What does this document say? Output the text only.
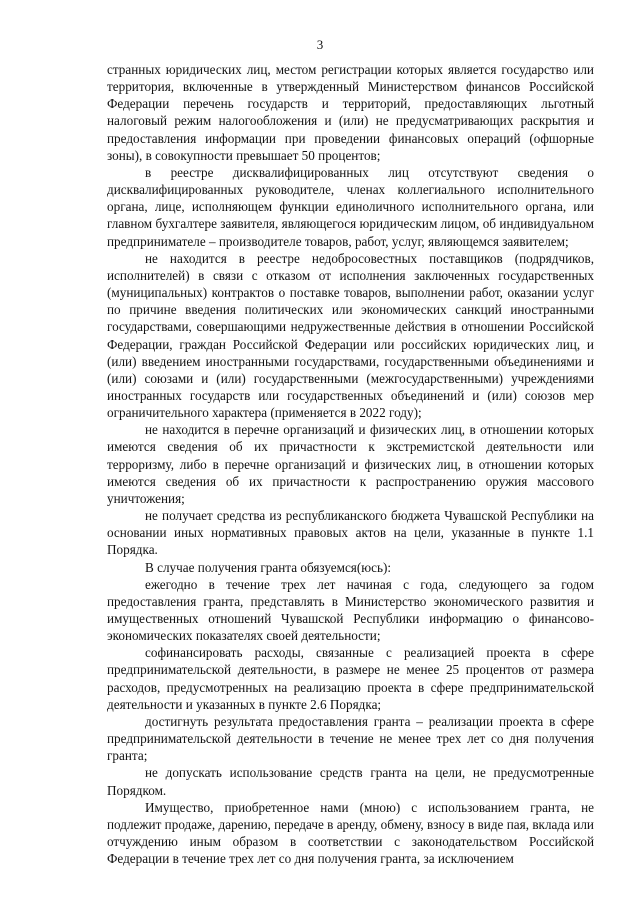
3

странных юридических лиц, местом регистрации которых является государство или территория, включенные в утвержденный Министерством финансов Российской Федерации перечень государств и территорий, предоставляющих льготный налоговый режим налогообложения и (или) не предусматривающих раскрытия и предоставления информации при проведении финансовых операций (офшорные зоны), в совокупности превышает 50 процентов;

в реестре дисквалифицированных лиц отсутствуют сведения о дисквалифицированных руководителе, членах коллегиального исполнительного органа, лице, исполняющем функции единоличного исполнительного органа, или главном бухгалтере заявителя, являющегося юридическим лицом, об индивидуальном предпринимателе – производителе товаров, работ, услуг, являющемся заявителем;

не находится в реестре недобросовестных поставщиков (подрядчиков, исполнителей) в связи с отказом от исполнения заключенных государственных (муниципальных) контрактов о поставке товаров, выполнении работ, оказании услуг по причине введения политических или экономических санкций иностранными государствами, совершающими недружественные действия в отношении Российской Федерации, граждан Российской Федерации или российских юридических лиц, и (или) введением иностранными государствами, государственными объединениями и (или) союзами и (или) государственными (межгосударственными) учреждениями иностранных государств или государственных объединений и (или) союзов мер ограничительного характера (применяется в 2022 году);

не находится в перечне организаций и физических лиц, в отношении которых имеются сведения об их причастности к экстремистской деятельности или терроризму, либо в перечне организаций и физических лиц, в отношении которых имеются сведения об их причастности к распространению оружия массового уничтожения;

не получает средства из республиканского бюджета Чувашской Республики на основании иных нормативных правовых актов на цели, указанные в пункте 1.1 Порядка.

В случае получения гранта обязуемся(юсь):

ежегодно в течение трех лет начиная с года, следующего за годом предоставления гранта, представлять в Министерство экономического развития и имущественных отношений Чувашской Республики информацию о финансово-экономических показателях своей деятельности;

софинансировать расходы, связанные с реализацией проекта в сфере предпринимательской деятельности, в размере не менее 25 процентов от размера расходов, предусмотренных на реализацию проекта в сфере предпринимательской деятельности и указанных в пункте 2.6 Порядка;

достигнуть результата предоставления гранта – реализации проекта в сфере предпринимательской деятельности в течение не менее трех лет со дня получения гранта;

не допускать использование средств гранта на цели, не предусмотренные Порядком.

Имущество, приобретенное нами (мною) с использованием гранта, не подлежит продаже, дарению, передаче в аренду, обмену, взносу в виде пая, вклада или отчуждению иным образом в соответствии с законодательством Российской Федерации в течение трех лет со дня получения гранта, за исключением
